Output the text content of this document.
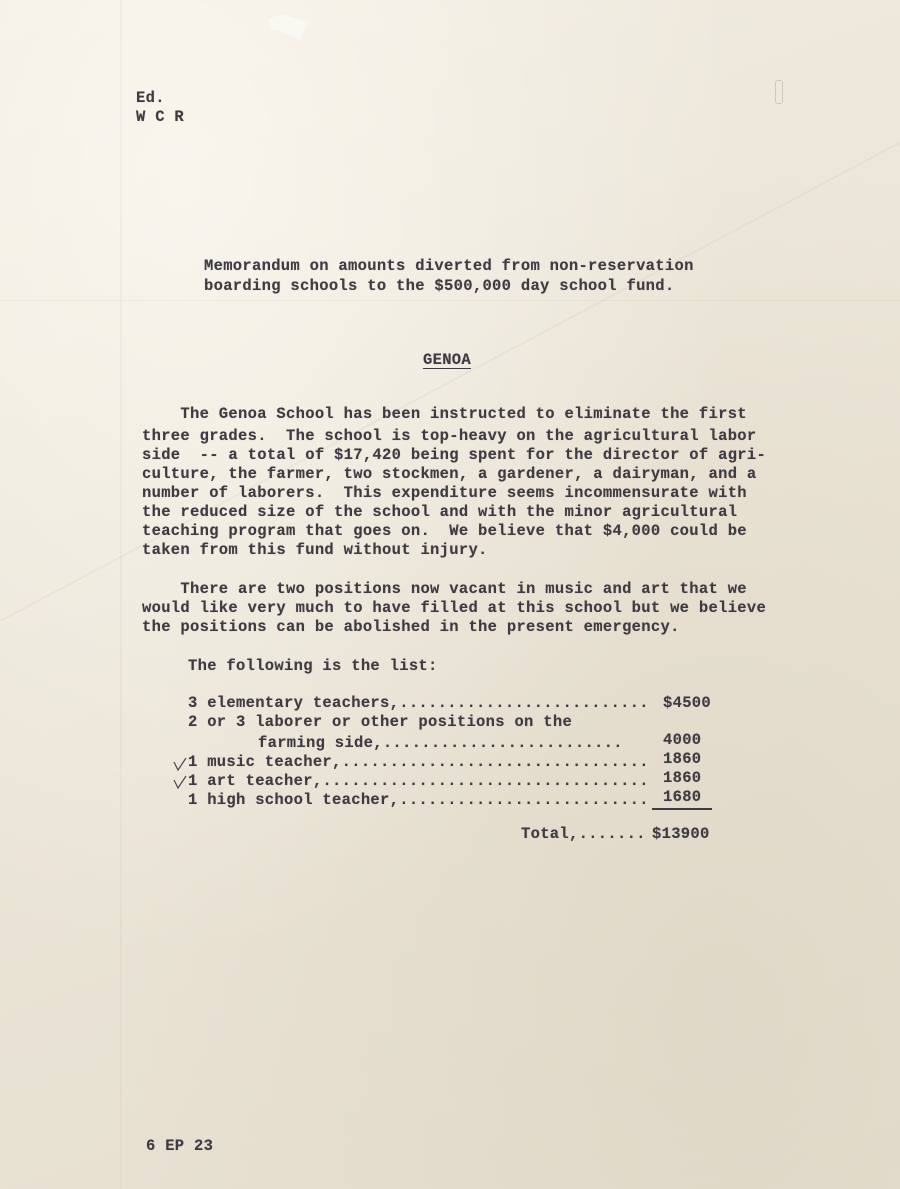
Ed.
W C R
Memorandum on amounts diverted from non-reservation
boarding schools to the $500,000 day school fund.
GENOA
The Genoa School has been instructed to eliminate the first
three grades.  The school is top-heavy on the agricultural labor
side  -- a total of $17,420 being spent for the director of agri-
culture, the farmer, two stockmen, a gardener, a dairyman, and a
number of laborers.  This expenditure seems incommensurate with
the reduced size of the school and with the minor agricultural
teaching program that goes on.  We believe that $4,000 could be
taken from this fund without injury.
There are two positions now vacant in music and art that we
would like very much to have filled at this school but we believe
the positions can be abolished in the present emergency.
The following is the list:
3 elementary teachers,.......................... $4500
2 or 3 laborer or other positions on the
farming side,.........................	4000
1 music teacher,................................ 1860
1 art teacher,.................................. 1860
1 high school teacher,.......................... 1680
Total,....... $13900
6 EP 23
